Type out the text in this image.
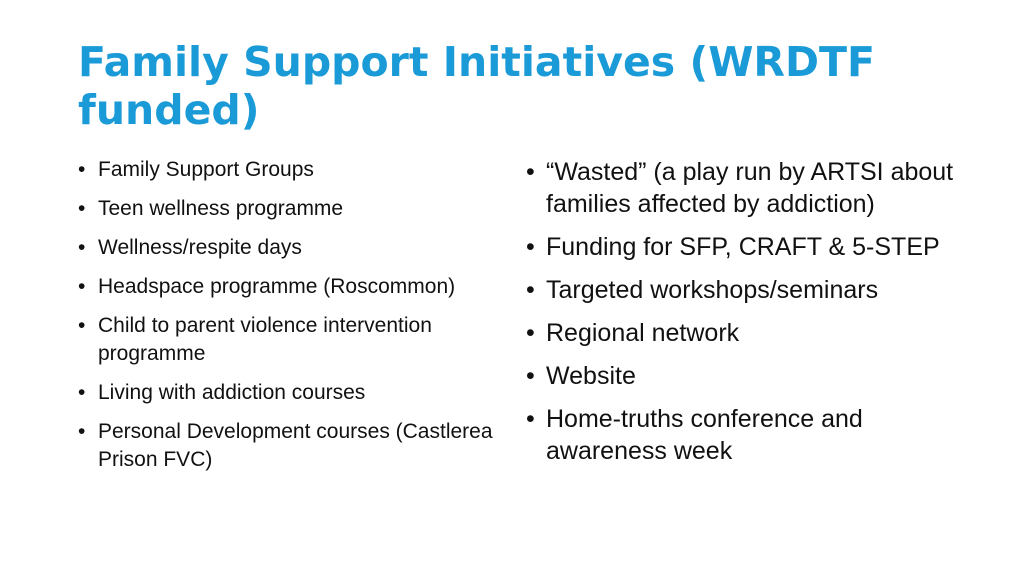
Family Support Initiatives (WRDTF funded)
• Family Support Groups
• Teen wellness programme
• Wellness/respite days
• Headspace programme (Roscommon)
• Child to parent violence intervention programme
• Living with addiction courses
• Personal Development courses (Castlerea Prison FVC)
• “Wasted” (a play run by ARTSI about families affected by addiction)
• Funding for SFP, CRAFT & 5-STEP
• Targeted workshops/seminars
• Regional network
• Website
• Home-truths conference and awareness week
